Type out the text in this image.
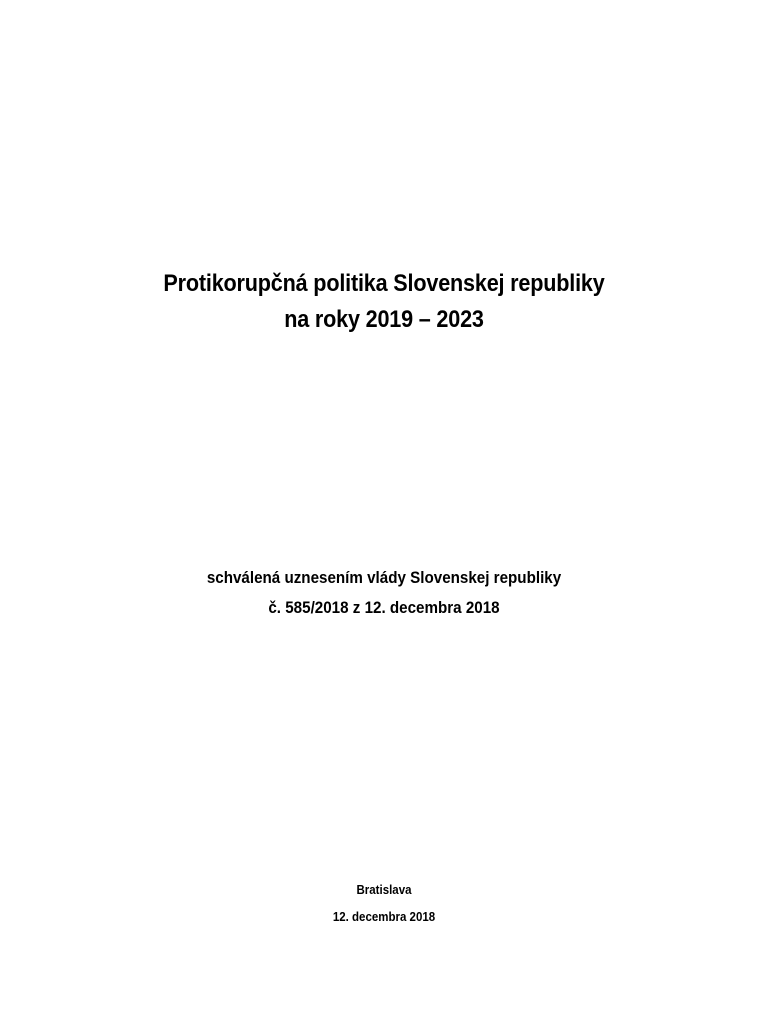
Protikorupčná politika Slovenskej republiky
na roky 2019 – 2023
schválená uznesením vlády Slovenskej republiky
č. 585/2018 z 12. decembra 2018
Bratislava
12. decembra 2018
